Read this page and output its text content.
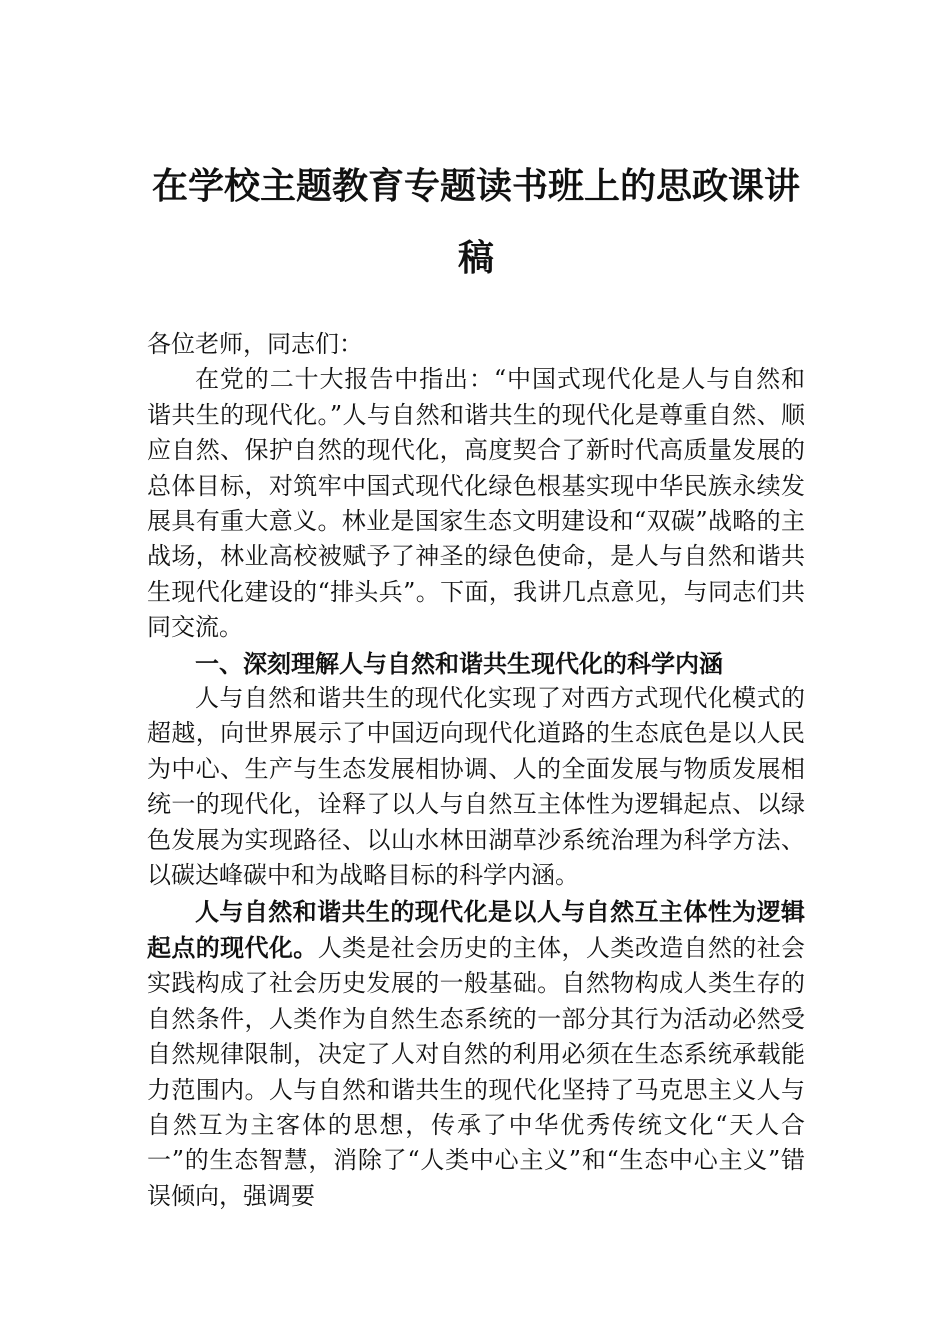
在学校主题教育专题读书班上的思政课讲
稿

各位老师，同志们：

在党的二十大报告中指出：“中国式现代化是人与自然和谐共生的现代化。”人与自然和谐共生的现代化是尊重自然、顺应自然、保护自然的现代化，高度契合了新时代高质量发展的总体目标，对筑牢中国式现代化绿色根基实现中华民族永续发展具有重大意义。林业是国家生态文明建设和“双碳”战略的主战场，林业高校被赋予了神圣的绿色使命，是人与自然和谐共生现代化建设的“排头兵”。下面，我讲几点意见，与同志们共同交流。

一、深刻理解人与自然和谐共生现代化的科学内涵

人与自然和谐共生的现代化实现了对西方式现代化模式的超越，向世界展示了中国迈向现代化道路的生态底色是以人民为中心、生产与生态发展相协调、人的全面发展与物质发展相统一的现代化，诠释了以人与自然互主体性为逻辑起点、以绿色发展为实现路径、以山水林田湖草沙系统治理为科学方法、以碳达峰碳中和为战略目标的科学内涵。

人与自然和谐共生的现代化是以人与自然互主体性为逻辑起点的现代化。人类是社会历史的主体，人类改造自然的社会实践构成了社会历史发展的一般基础。自然物构成人类生存的自然条件，人类作为自然生态系统的一部分其行为活动必然受自然规律限制，决定了人对自然的利用必须在生态系统承载能力范围内。人与自然和谐共生的现代化坚持了马克思主义人与自然互为主客体的思想，传承了中华优秀传统文化“天人合一”的生态智慧，消除了“人类中心主义”和“生态中心主义”错误倾向，强调要
